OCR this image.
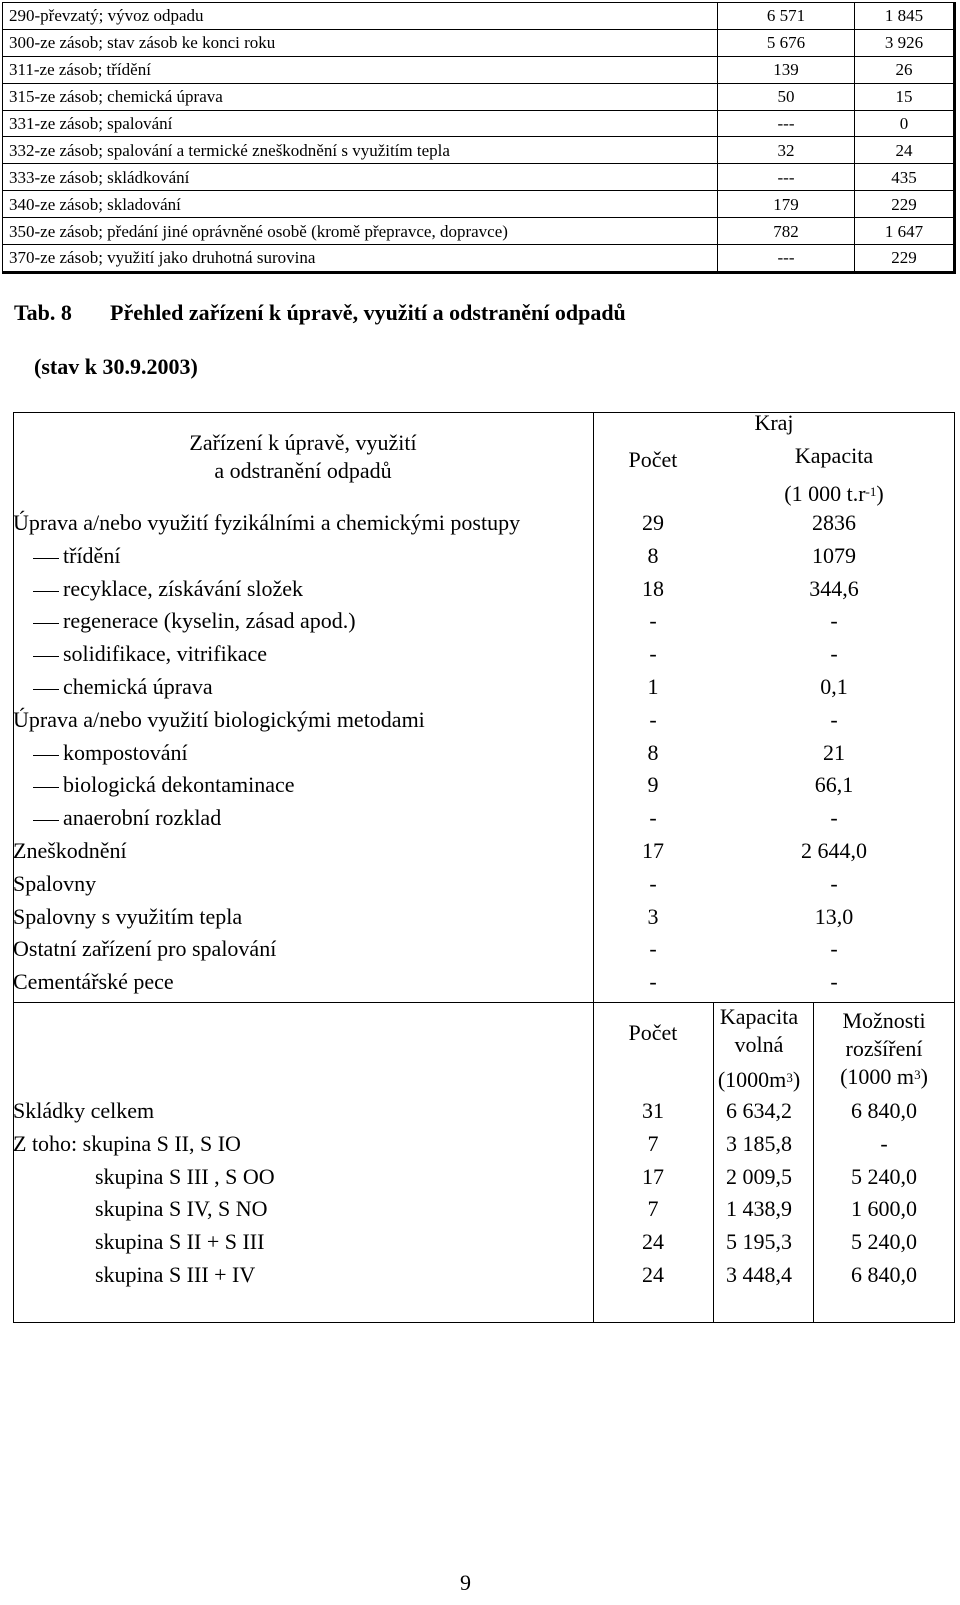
290-převzatý; vývoz odpadu	6 571	1 845
300-ze zásob; stav zásob ke konci roku	5 676	3 926
311-ze zásob; třídění	139	26
315-ze zásob; chemická úprava	50	15
331-ze zásob; spalování	---	0
332-ze zásob; spalování a termické zneškodnění s využitím tepla	32	24
333-ze zásob; skládkování	---	435
340-ze zásob; skladování	179	229
350-ze zásob; předání jiné oprávněné osobě (kromě přepravce, dopravce)	782	1 647
370-ze zásob; využití jako druhotná surovina	---	229
Tab. 8 Přehled zařízení k úpravě, využití a odstranění odpadů
(stav k 30.9.2003)
Zařízení k úpravě, využití
a odstranění odpadů
Kraj
Počet	Kapacita
(1 000 $t.r^{-1}$)
Úprava a/nebo využití fyzikálními a chemickými postupy	29	2836
třídění	8	1079
recyklace, získávání složek	18	344,6
regenerace (kyselin, zásad apod.)	-	-
solidifikace, vitrifikace	-	-
chemická úprava	1	0,1
Úprava a/nebo využití biologickými metodami	-	-
kompostování	8	21
biologická dekontaminace	9	66,1
anaerobní rozklad	-	-
Zneškodnění	17	2 644,0
Spalovny	-	-
Spalovny s využitím tepla	3	13,0
Ostatní zařízení pro spalování	-	-
Cementářské pece	-	-
Počet
Kapacita
volná
$(1000m^3)$
Možnosti
rozšíření
(1000 $m^3$)
Skládky celkem	31	6 634,2	6 840,0
Z toho: skupina S II, S IO	7	3 185,8	-
skupina S III , S OO	17	2 009,5	5 240,0
skupina S IV, S NO	7	1 438,9	1 600,0
skupina S II + S III	24	5 195,3	5 240,0
skupina S III + IV	24	3 448,4	6 840,0
9
